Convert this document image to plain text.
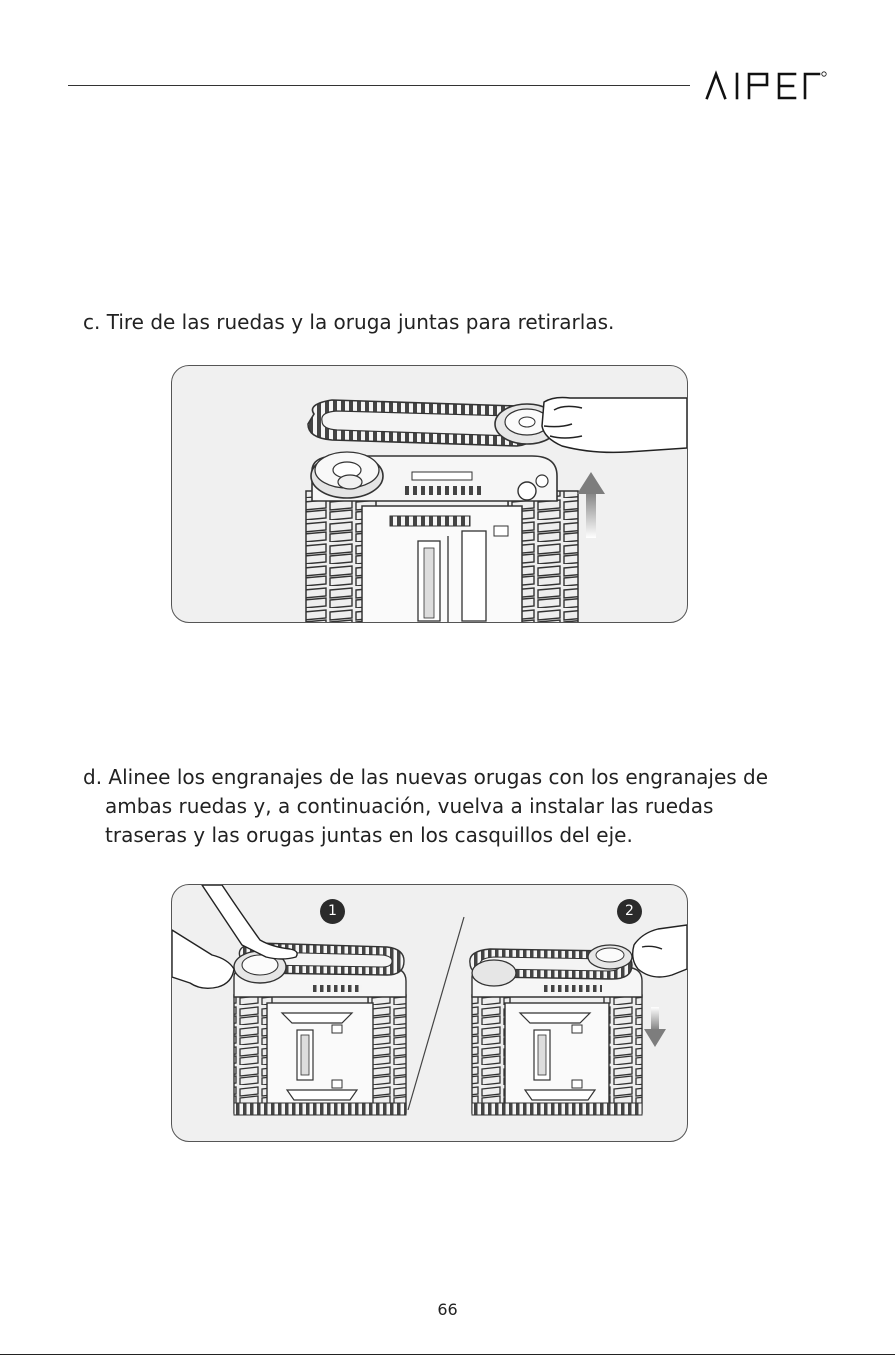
c. Tire de las ruedas y la oruga juntas para retirarlas.

d. Alinee los engranajes de las nuevas orugas con los engranajes de
ambas ruedas y, a continuación, vuelva a instalar las ruedas
traseras y las orugas juntas en los casquillos del eje.

1	2
66
